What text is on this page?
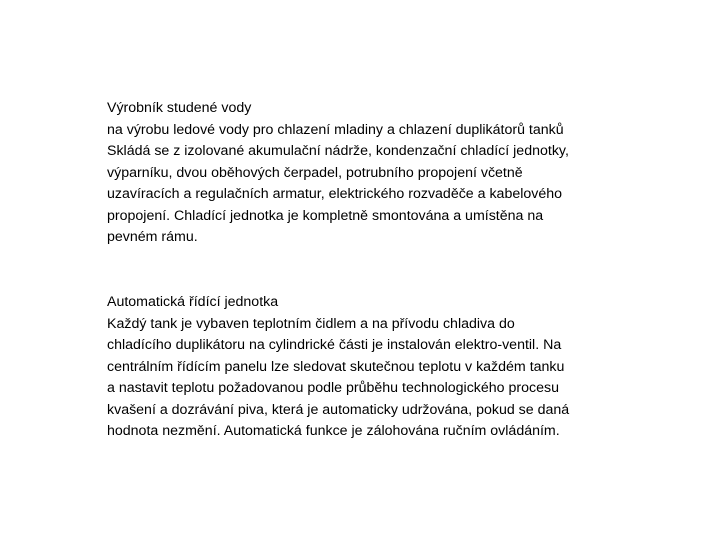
Výrobník studené vody
na výrobu ledové vody pro chlazení mladiny a chlazení duplikátorů tanků
Skládá se z izolované akumulační nádrže, kondenzační chladící jednotky,
výparníku, dvou oběhových čerpadel, potrubního propojení včetně
uzavíracích a regulačních armatur, elektrického rozvaděče a kabelového
propojení. Chladící jednotka je kompletně smontována a umístěna na
pevném rámu.
Automatická řídící jednotka
Každý tank je vybaven teplotním čidlem a na přívodu chladiva do
chladícího duplikátoru na cylindrické části je instalován elektro-ventil. Na
centrálním řídícím panelu lze sledovat skutečnou teplotu v každém tanku
a nastavit teplotu požadovanou podle průběhu technologického procesu
kvašení a dozrávání piva, která je automaticky udržována, pokud se daná
hodnota nezmění. Automatická funkce je zálohována ručním ovládáním.
